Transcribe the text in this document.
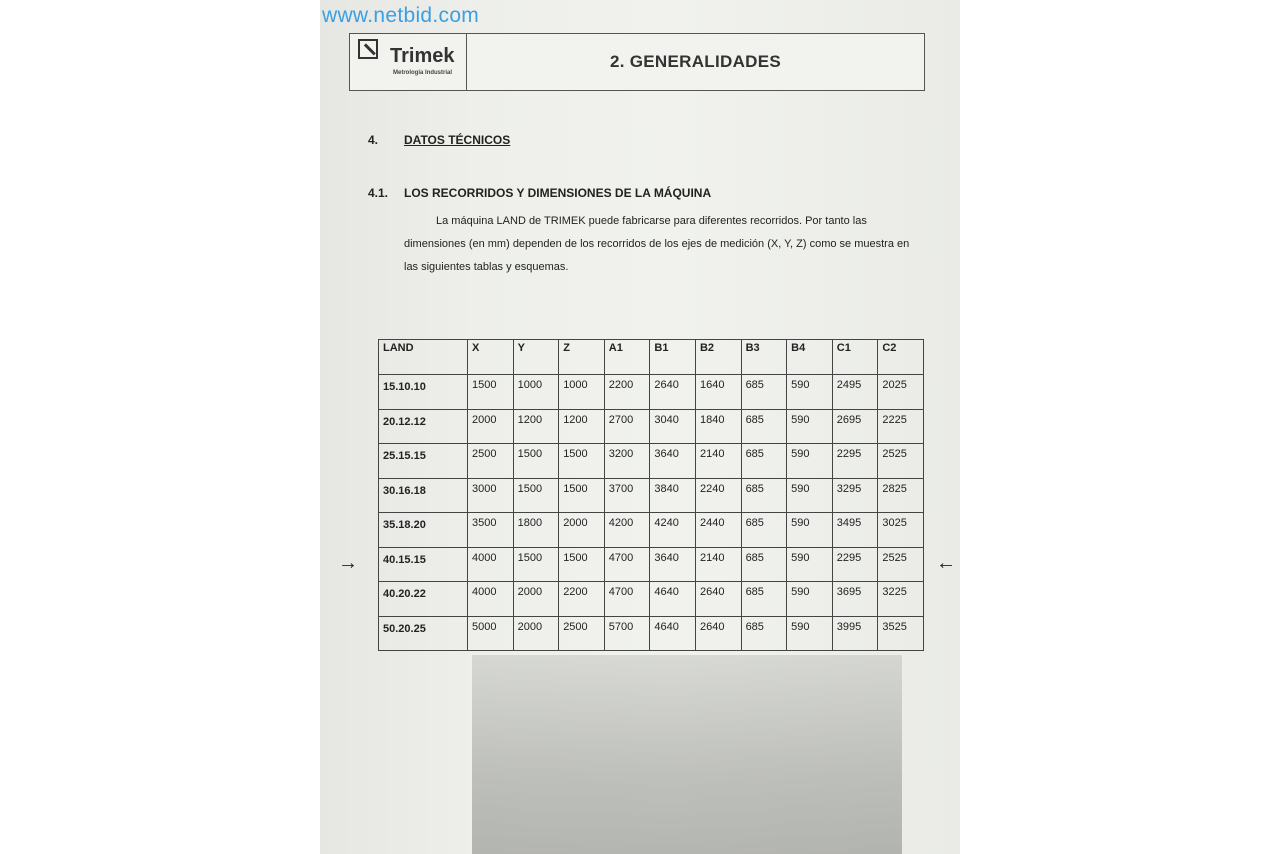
www.netbid.com
Trimek
Metrología Industrial
2. GENERALIDADES
4. DATOS TÉCNICOS
4.1. LOS RECORRIDOS Y DIMENSIONES DE LA MÁQUINA
La máquina LAND de TRIMEK puede fabricarse para diferentes recorridos. Por tanto las dimensiones (en mm) dependen de los recorridos de los ejes de medición (X, Y, Z) como se muestra en las siguientes tablas y esquemas.
LAND	X	Y	Z	A1	B1	B2	B3	B4	C1	C2
15.10.10	1500	1000	1000	2200	2640	1640	685	590	2495	2025
20.12.12	2000	1200	1200	2700	3040	1840	685	590	2695	2225
25.15.15	2500	1500	1500	3200	3640	2140	685	590	2295	2525
30.16.18	3000	1500	1500	3700	3840	2240	685	590	3295	2825
35.18.20	3500	1800	2000	4200	4240	2440	685	590	3495	3025
40.15.15	4000	1500	1500	4700	3640	2140	685	590	2295	2525
40.20.22	4000	2000	2200	4700	4640	2640	685	590	3695	3225
50.20.25	5000	2000	2500	5700	4640	2640	685	590	3995	3525
→	←
